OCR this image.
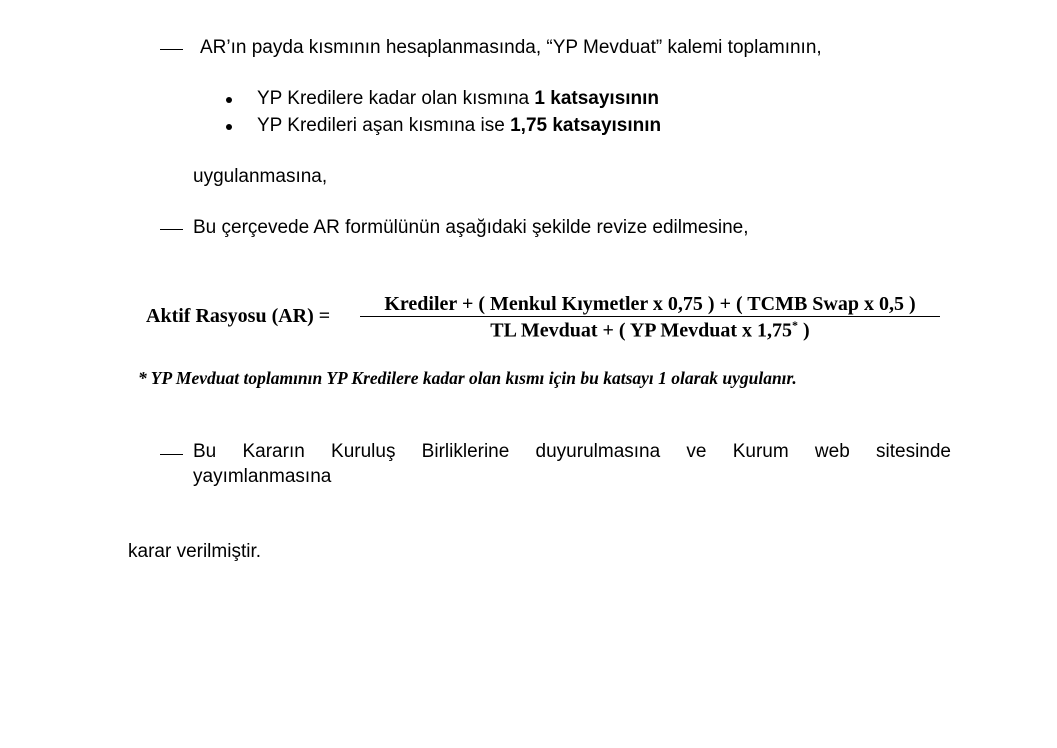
AR’ın payda kısmının hesaplanmasında, “YP Mevduat” kalemi toplamının,
YP Kredilere kadar olan kısmına 1 katsayısının
YP Kredileri aşan kısmına ise 1,75 katsayısının
uygulanmasına,
Bu çerçevede AR formülünün aşağıdaki şekilde revize edilmesine,
Aktif Rasyosu (AR) =
Krediler + ( Menkul Kıymetler x 0,75 ) + ( TCMB Swap x 0,5 )
TL Mevduat + ( YP Mevduat x 1,75* )
* YP Mevduat toplamının YP Kredilere kadar olan kısmı için bu katsayı 1 olarak uygulanır.
Bu Kararın Kuruluş Birliklerine duyurulmasına ve Kurum web sitesinde
yayımlanmasına
karar verilmiştir.
